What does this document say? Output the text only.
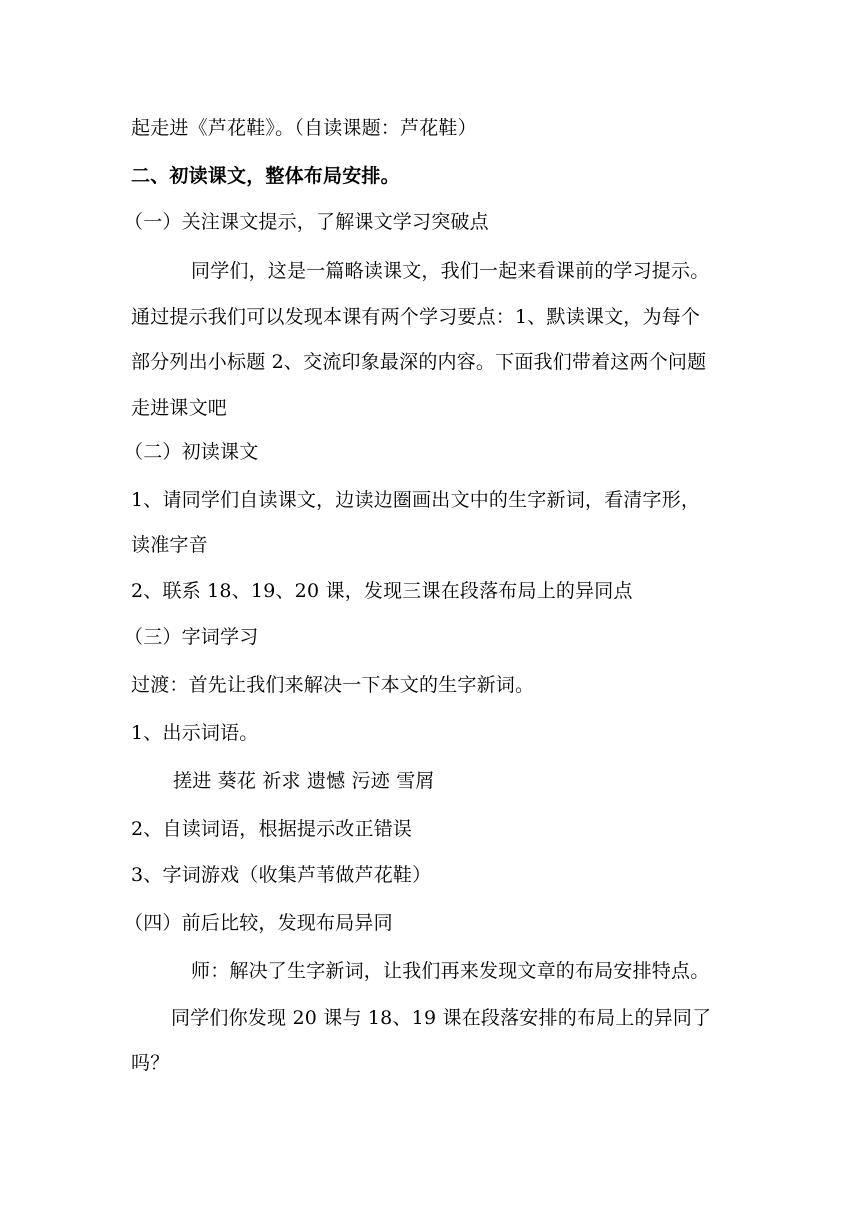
起走进《芦花鞋》。（自读课题：芦花鞋）
二、初读课文，整体布局安排。
（一）关注课文提示，了解课文学习突破点
同学们，这是一篇略读课文，我们一起来看课前的学习提示。
通过提示我们可以发现本课有两个学习要点：1、默读课文，为每个
部分列出小标题 2、交流印象最深的内容。下面我们带着这两个问题
走进课文吧
（二）初读课文
1、请同学们自读课文，边读边圈画出文中的生字新词，看清字形，
读准字音
2、联系 18、19、20 课，发现三课在段落布局上的异同点
（三）字词学习
过渡：首先让我们来解决一下本文的生字新词。
1、出示词语。
搓进 葵花 祈求 遗憾 污迹 雪屑
2、自读词语，根据提示改正错误
3、字词游戏（收集芦苇做芦花鞋）
（四）前后比较，发现布局异同
师：解决了生字新词，让我们再来发现文章的布局安排特点。
同学们你发现 20 课与 18、19 课在段落安排的布局上的异同了
吗？
